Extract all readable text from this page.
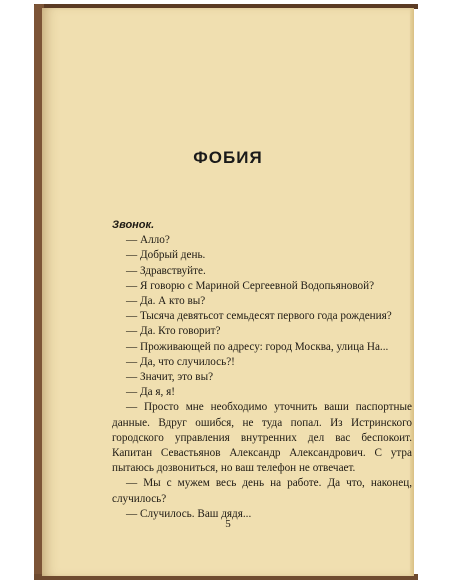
ФОБИЯ

Звонок.

— Алло?

— Добрый день.

— Здравствуйте.

— Я говорю с Мариной Сергеевной Водопьяновой?

— Да. А кто вы?

— Тысяча девятьсот семьдесят первого года рождения?

— Да. Кто говорит?

— Проживающей по адресу: город Москва, улица На...

— Да, что случилось?!

— Значит, это вы?

— Да я, я!

— Просто мне необходимо уточнить ваши паспортные данные. Вдруг ошибся, не туда попал. Из Истринского городского управления внутренних дел вас беспокоит. Капитан Севастьянов Александр Александрович. С утра пытаюсь дозвониться, но ваш телефон не отвечает.

— Мы с мужем весь день на работе. Да что, наконец, случилось?

— Случилось. Ваш дядя...

5
